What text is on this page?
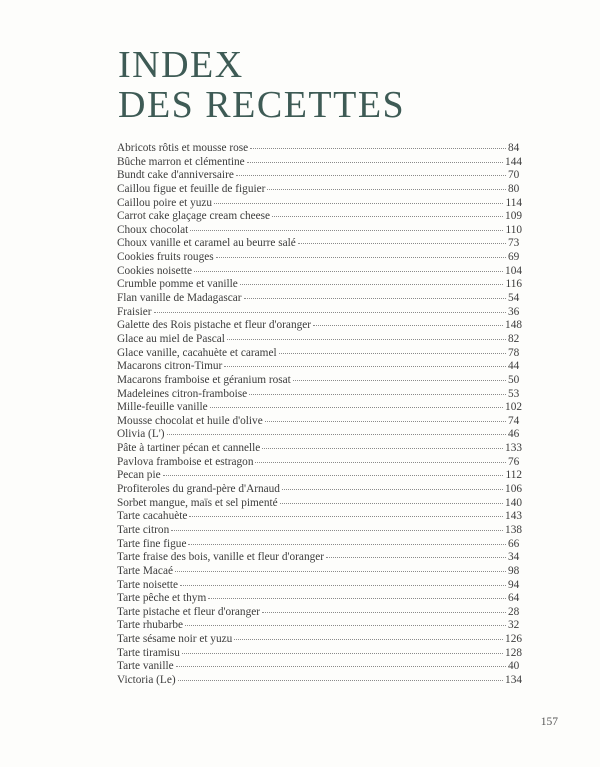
INDEX
DES RECETTES
Abricots rôtis et mousse rose	84
Bûche marron et clémentine	144
Bundt cake d'anniversaire	70
Caillou figue et feuille de figuier	80
Caillou poire et yuzu	114
Carrot cake glaçage cream cheese	109
Choux chocolat	110
Choux vanille et caramel au beurre salé	73
Cookies fruits rouges	69
Cookies noisette	104
Crumble pomme et vanille	116
Flan vanille de Madagascar	54
Fraisier	36
Galette des Rois pistache et fleur d'oranger	148
Glace au miel de Pascal	82
Glace vanille, cacahuète et caramel	78
Macarons citron-Timur	44
Macarons framboise et géranium rosat	50
Madeleines citron-framboise	53
Mille-feuille vanille	102
Mousse chocolat et huile d'olive	74
Olivia (L')	46
Pâte à tartiner pécan et cannelle	133
Pavlova framboise et estragon	76
Pecan pie	112
Profiteroles du grand-père d'Arnaud	106
Sorbet mangue, maïs et sel pimenté	140
Tarte cacahuète	143
Tarte citron	138
Tarte fine figue	66
Tarte fraise des bois, vanille et fleur d'oranger	34
Tarte Macaé	98
Tarte noisette	94
Tarte pêche et thym	64
Tarte pistache et fleur d'oranger	28
Tarte rhubarbe	32
Tarte sésame noir et yuzu	126
Tarte tiramisu	128
Tarte vanille	40
Victoria (Le)	134
157
